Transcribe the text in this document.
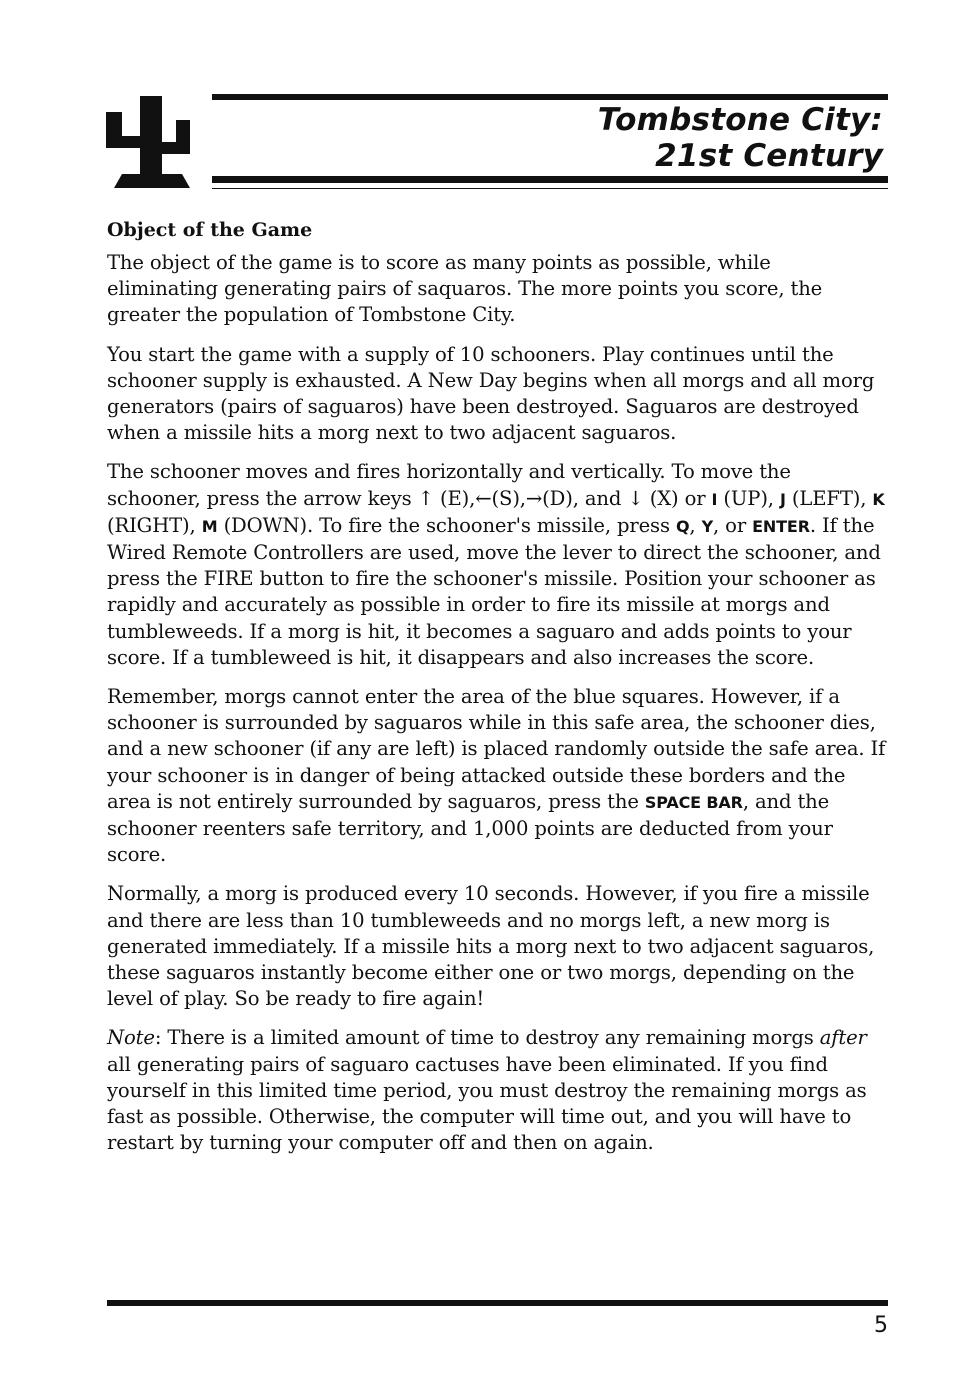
Tombstone City:
21st Century
Object of the Game

The object of the game is to score as many points as possible, while eliminating generating pairs of saquaros. The more points you score, the greater the population of Tombstone City.

You start the game with a supply of 10 schooners. Play continues until the schooner supply is exhausted. A New Day begins when all morgs and all morg generators (pairs of saguaros) have been destroyed. Saguaros are destroyed when a missile hits a morg next to two adjacent saguaros.

The schooner moves and fires horizontally and vertically. To move the schooner, press the arrow keys ↑ (E),←(S),→(D), and ↓ (X) or I (UP), J (LEFT), K (RIGHT), M (DOWN). To fire the schooner's missile, press Q, Y, or ENTER. If the Wired Remote Controllers are used, move the lever to direct the schooner, and press the FIRE button to fire the schooner's missile. Position your schooner as rapidly and accurately as possible in order to fire its missile at morgs and tumbleweeds. If a morg is hit, it becomes a saguaro and adds points to your score. If a tumbleweed is hit, it disappears and also increases the score.

Remember, morgs cannot enter the area of the blue squares. However, if a schooner is surrounded by saguaros while in this safe area, the schooner dies, and a new schooner (if any are left) is placed randomly outside the safe area. If your schooner is in danger of being attacked outside these borders and the area is not entirely surrounded by saguaros, press the SPACE BAR, and the schooner reenters safe territory, and 1,000 points are deducted from your score.

Normally, a morg is produced every 10 seconds. However, if you fire a missile and there are less than 10 tumbleweeds and no morgs left, a new morg is generated immediately. If a missile hits a morg next to two adjacent saguaros, these saguaros instantly become either one or two morgs, depending on the level of play. So be ready to fire again!

Note: There is a limited amount of time to destroy any remaining morgs after all generating pairs of saguaro cactuses have been eliminated. If you find yourself in this limited time period, you must destroy the remaining morgs as fast as possible. Otherwise, the computer will time out, and you will have to restart by turning your computer off and then on again.

5
